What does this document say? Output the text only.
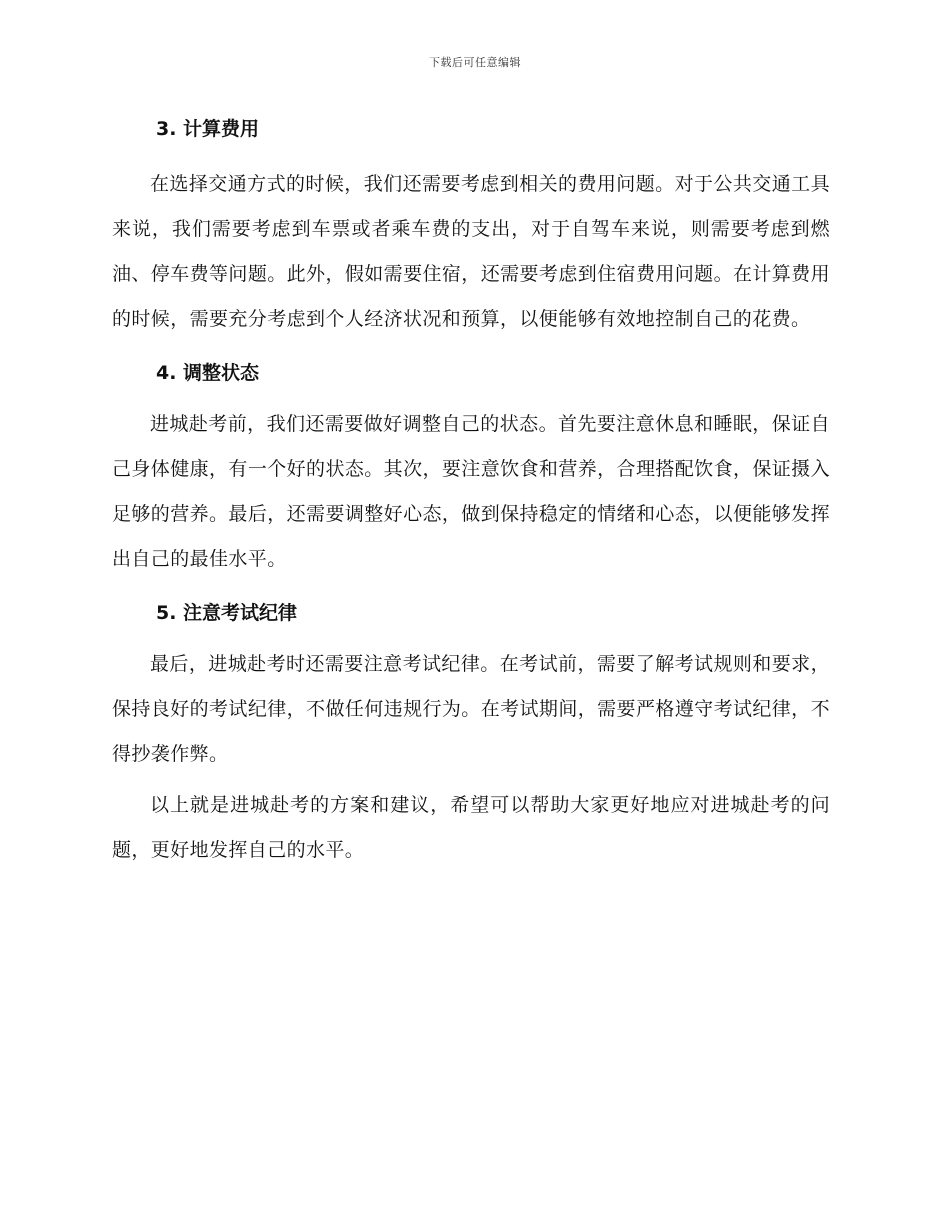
下载后可任意编辑
3. 计算费用

在选择交通方式的时候，我们还需要考虑到相关的费用问题。对于公共交通工具来说，我们需要考虑到车票或者乘车费的支出，对于自驾车来说，则需要考虑到燃油、停车费等问题。此外，假如需要住宿，还需要考虑到住宿费用问题。在计算费用的时候，需要充分考虑到个人经济状况和预算，以便能够有效地控制自己的花费。

4. 调整状态

进城赴考前，我们还需要做好调整自己的状态。首先要注意休息和睡眠，保证自己身体健康，有一个好的状态。其次，要注意饮食和营养，合理搭配饮食，保证摄入足够的营养。最后，还需要调整好心态，做到保持稳定的情绪和心态，以便能够发挥出自己的最佳水平。

5. 注意考试纪律

最后，进城赴考时还需要注意考试纪律。在考试前，需要了解考试规则和要求，保持良好的考试纪律，不做任何违规行为。在考试期间，需要严格遵守考试纪律，不得抄袭作弊。

以上就是进城赴考的方案和建议，希望可以帮助大家更好地应对进城赴考的问题，更好地发挥自己的水平。
